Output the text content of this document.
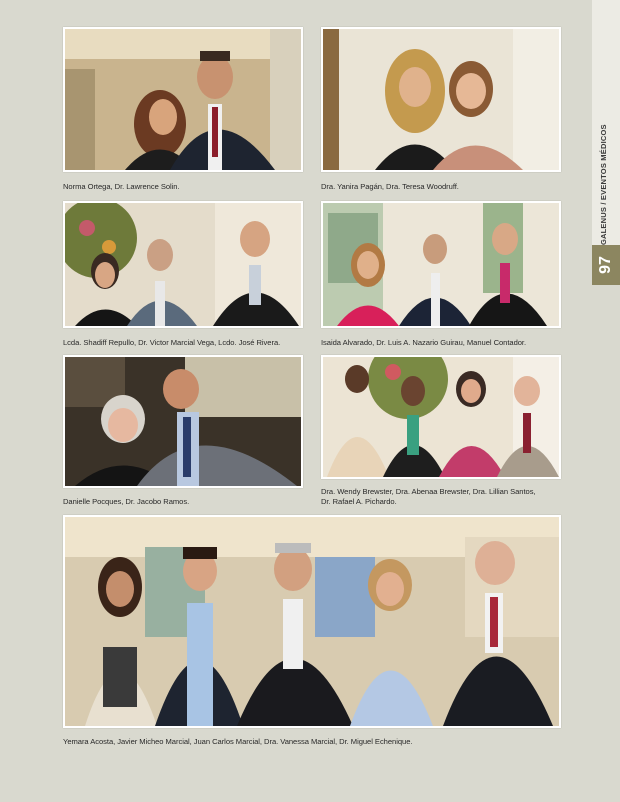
GALENUS / EVENTOS MÉDICOS
97
Norma Ortega, Dr. Lawrence Solin.	Dra. Yanira Pagán, Dra. Teresa Woodruff.
Lcda. Shadiff Repullo, Dr. Victor Marcial Vega, Lcdo. José Rivera.	Isaida Alvarado, Dr. Luis A. Nazario Guirau, Manuel Contador.
Danielle Pocques, Dr. Jacobo Ramos.
Dra. Wendy Brewster, Dra. Abenaa Brewster, Dra. Lillian Santos,
Dr. Rafael A. Pichardo.
Yemara Acosta, Javier Micheo Marcial, Juan Carlos Marcial, Dra. Vanessa Marcial, Dr. Miguel Echenique.
